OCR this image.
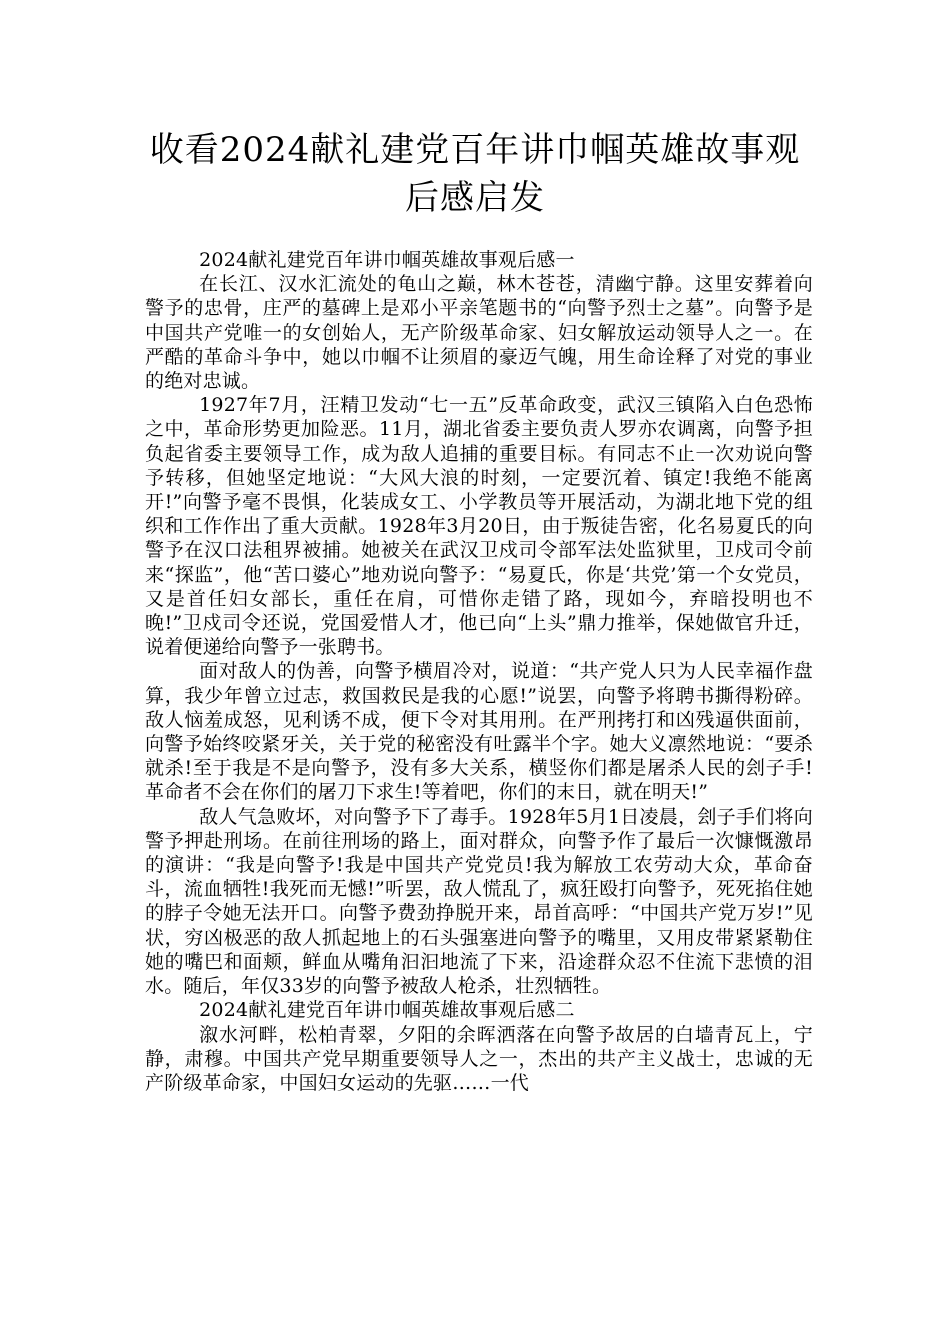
收看2024献礼建党百年讲巾帼英雄故事观
后感启发

2024献礼建党百年讲巾帼英雄故事观后感一

在长江、汉水汇流处的龟山之巅，林木苍苍，清幽宁静。这里安葬着向警予的忠骨，庄严的墓碑上是邓小平亲笔题书的“向警予烈士之墓”。向警予是中国共产党唯一的女创始人，无产阶级革命家、妇女解放运动领导人之一。在严酷的革命斗争中，她以巾帼不让须眉的豪迈气魄，用生命诠释了对党的事业的绝对忠诚。

1927年7月，汪精卫发动“七一五”反革命政变，武汉三镇陷入白色恐怖之中，革命形势更加险恶。11月，湖北省委主要负责人罗亦农调离，向警予担负起省委主要领导工作，成为敌人追捕的重要目标。有同志不止一次劝说向警予转移，但她坚定地说：“大风大浪的时刻，一定要沉着、镇定!我绝不能离开!”向警予毫不畏惧，化装成女工、小学教员等开展活动，为湖北地下党的组织和工作作出了重大贡献。1928年3月20日，由于叛徒告密，化名易夏氏的向警予在汉口法租界被捕。她被关在武汉卫戍司令部军法处监狱里，卫戍司令前来“探监”，他“苦口婆心”地劝说向警予：“易夏氏，你是‘共党’第一个女党员，又是首任妇女部长，重任在肩，可惜你走错了路，现如今，弃暗投明也不晚!”卫戍司令还说，党国爱惜人才，他已向“上头”鼎力推举，保她做官升迁，说着便递给向警予一张聘书。

面对敌人的伪善，向警予横眉冷对，说道：“共产党人只为人民幸福作盘算，我少年曾立过志，救国救民是我的心愿!”说罢，向警予将聘书撕得粉碎。敌人恼羞成怒，见利诱不成，便下令对其用刑。在严刑拷打和凶残逼供面前，向警予始终咬紧牙关，关于党的秘密没有吐露半个字。她大义凛然地说：“要杀就杀!至于我是不是向警予，没有多大关系，横竖你们都是屠杀人民的刽子手!革命者不会在你们的屠刀下求生!等着吧，你们的末日，就在明天!”

敌人气急败坏，对向警予下了毒手。1928年5月1日凌晨，刽子手们将向警予押赴刑场。在前往刑场的路上，面对群众，向警予作了最后一次慷慨激昂的演讲：“我是向警予!我是中国共产党党员!我为解放工农劳动大众，革命奋斗，流血牺牲!我死而无憾!”听罢，敌人慌乱了，疯狂殴打向警予，死死掐住她的脖子令她无法开口。向警予费劲挣脱开来，昂首高呼：“中国共产党万岁!”见状，穷凶极恶的敌人抓起地上的石头强塞进向警予的嘴里，又用皮带紧紧勒住她的嘴巴和面颊，鲜血从嘴角汩汩地流了下来，沿途群众忍不住流下悲愤的泪水。随后，年仅33岁的向警予被敌人枪杀，壮烈牺牲。

2024献礼建党百年讲巾帼英雄故事观后感二

溆水河畔，松柏青翠，夕阳的余晖洒落在向警予故居的白墙青瓦上，宁静，肃穆。中国共产党早期重要领导人之一，杰出的共产主义战士，忠诚的无产阶级革命家，中国妇女运动的先驱……一代
